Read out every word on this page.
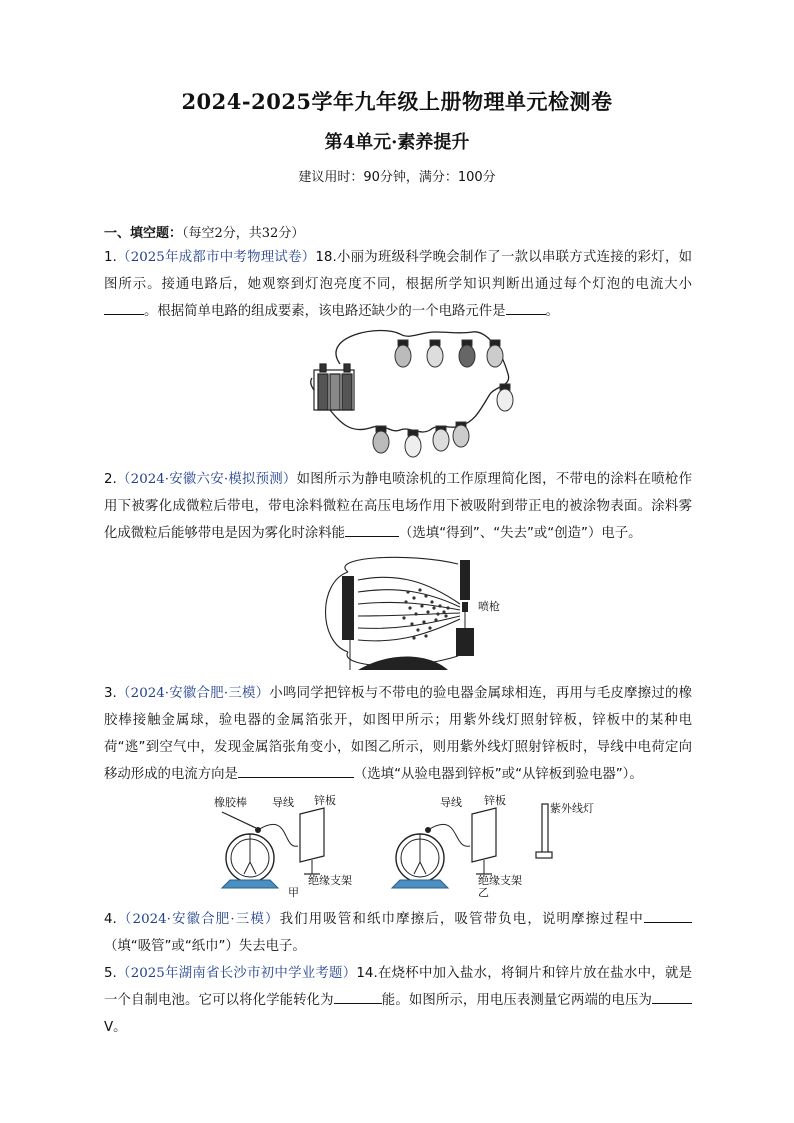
2024-2025学年九年级上册物理单元检测卷
第4单元·素养提升
建议用时：90分钟，满分：100分
一、填空题：（每空2分，共32分）
1.（2025年成都市中考物理试卷）18.小丽为班级科学晚会制作了一款以串联方式连接的彩灯，如图所示。接通电路后，她观察到灯泡亮度不同，根据所学知识判断出通过每个灯泡的电流大小。根据简单电路的组成要素，该电路还缺少的一个电路元件是	。
2.（2024·安徽六安·模拟预测）如图所示为静电喷涂机的工作原理简化图，不带电的涂料在喷枪作用下被雾化成微粒后带电，带电涂料微粒在高压电场作用下被吸附到带正电的被涂物表面。涂料雾化成微粒后能够带电是因为雾化时涂料能	（选填“得到”、“失去”或“创造”）电子。
喷枪
3.（2024·安徽合肥·三模）小鸣同学把锌板与不带电的验电器金属球相连，再用与毛皮摩擦过的橡胶棒接触金属球，验电器的金属箔张开，如图甲所示；用紫外线灯照射锌板，锌板中的某种电荷“逃”到空气中，发现金属箔张角变小，如图乙所示，则用紫外线灯照射锌板时，导线中电荷定向移动形成的电流方向是	（选填“从验电器到锌板”或“从锌板到验电器”）。
橡胶棒 导线 锌板
绝缘支架
甲
导线 锌板
紫外线灯
绝缘支架
乙
4.（2024·安徽合肥·三模）我们用吸管和纸巾摩擦后，吸管带负电，说明摩擦过程中（填“吸管”或“纸巾”）失去电子。
5.（2025年湖南省长沙市初中学业考题）14.在烧杯中加入盐水，将铜片和锌片放在盐水中，就是一个自制电池。它可以将化学能转化为	能。如图所示，用电压表测量它两端的电压为V。
